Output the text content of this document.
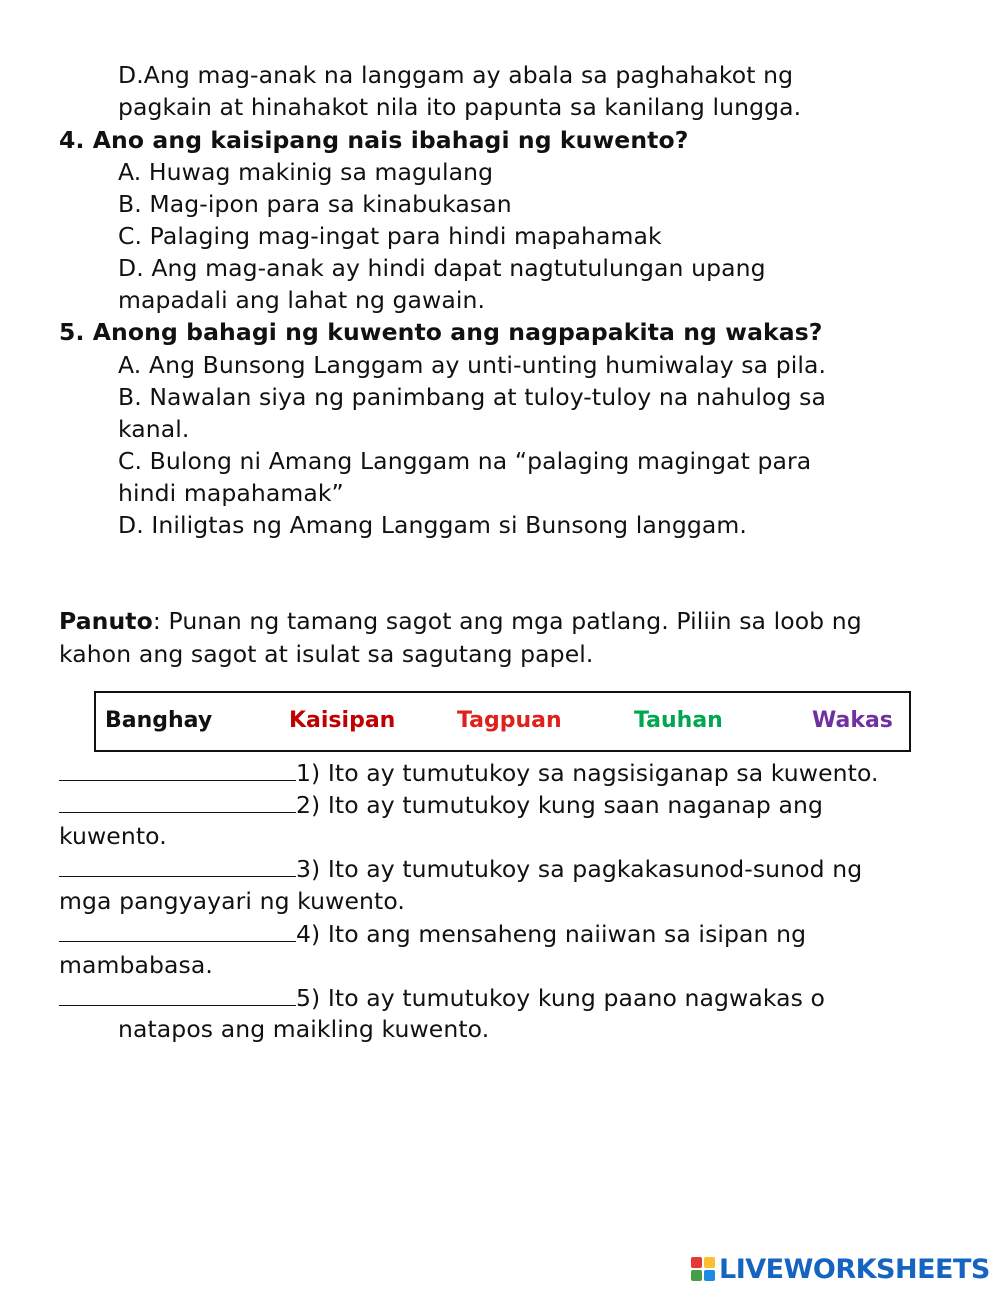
D.Ang mag-anak na langgam ay abala sa paghahakot ng
pagkain at hinahakot nila ito papunta sa kanilang lungga.
4. Ano ang kaisipang nais ibahagi ng kuwento?
A. Huwag makinig sa magulang
B. Mag-ipon para sa kinabukasan
C. Palaging mag-ingat para hindi mapahamak
D. Ang mag-anak ay hindi dapat nagtutulungan upang
mapadali ang lahat ng gawain.
5. Anong bahagi ng kuwento ang nagpapakita ng wakas?
A. Ang Bunsong Langgam ay unti-unting humiwalay sa pila.
B. Nawalan siya ng panimbang at tuloy-tuloy na nahulog sa
kanal.
C. Bulong ni Amang Langgam na “palaging magingat para
hindi mapahamak”
D. Iniligtas ng Amang Langgam si Bunsong langgam.
Panuto: Punan ng tamang sagot ang mga patlang. Piliin sa loob ng
kahon ang sagot at isulat sa sagutang papel.
Banghay	Kaisipan	Tagpuan	Tauhan	Wakas
1) Ito ay tumutukoy sa nagsisiganap sa kuwento.
2) Ito ay tumutukoy kung saan naganap ang
kuwento.
3) Ito ay tumutukoy sa pagkakasunod-sunod ng
mga pangyayari ng kuwento.
4) Ito ang mensaheng naiiwan sa isipan ng
mambabasa.
5) Ito ay tumutukoy kung paano nagwakas o
natapos ang maikling kuwento.
LIVEWORKSHEETS
